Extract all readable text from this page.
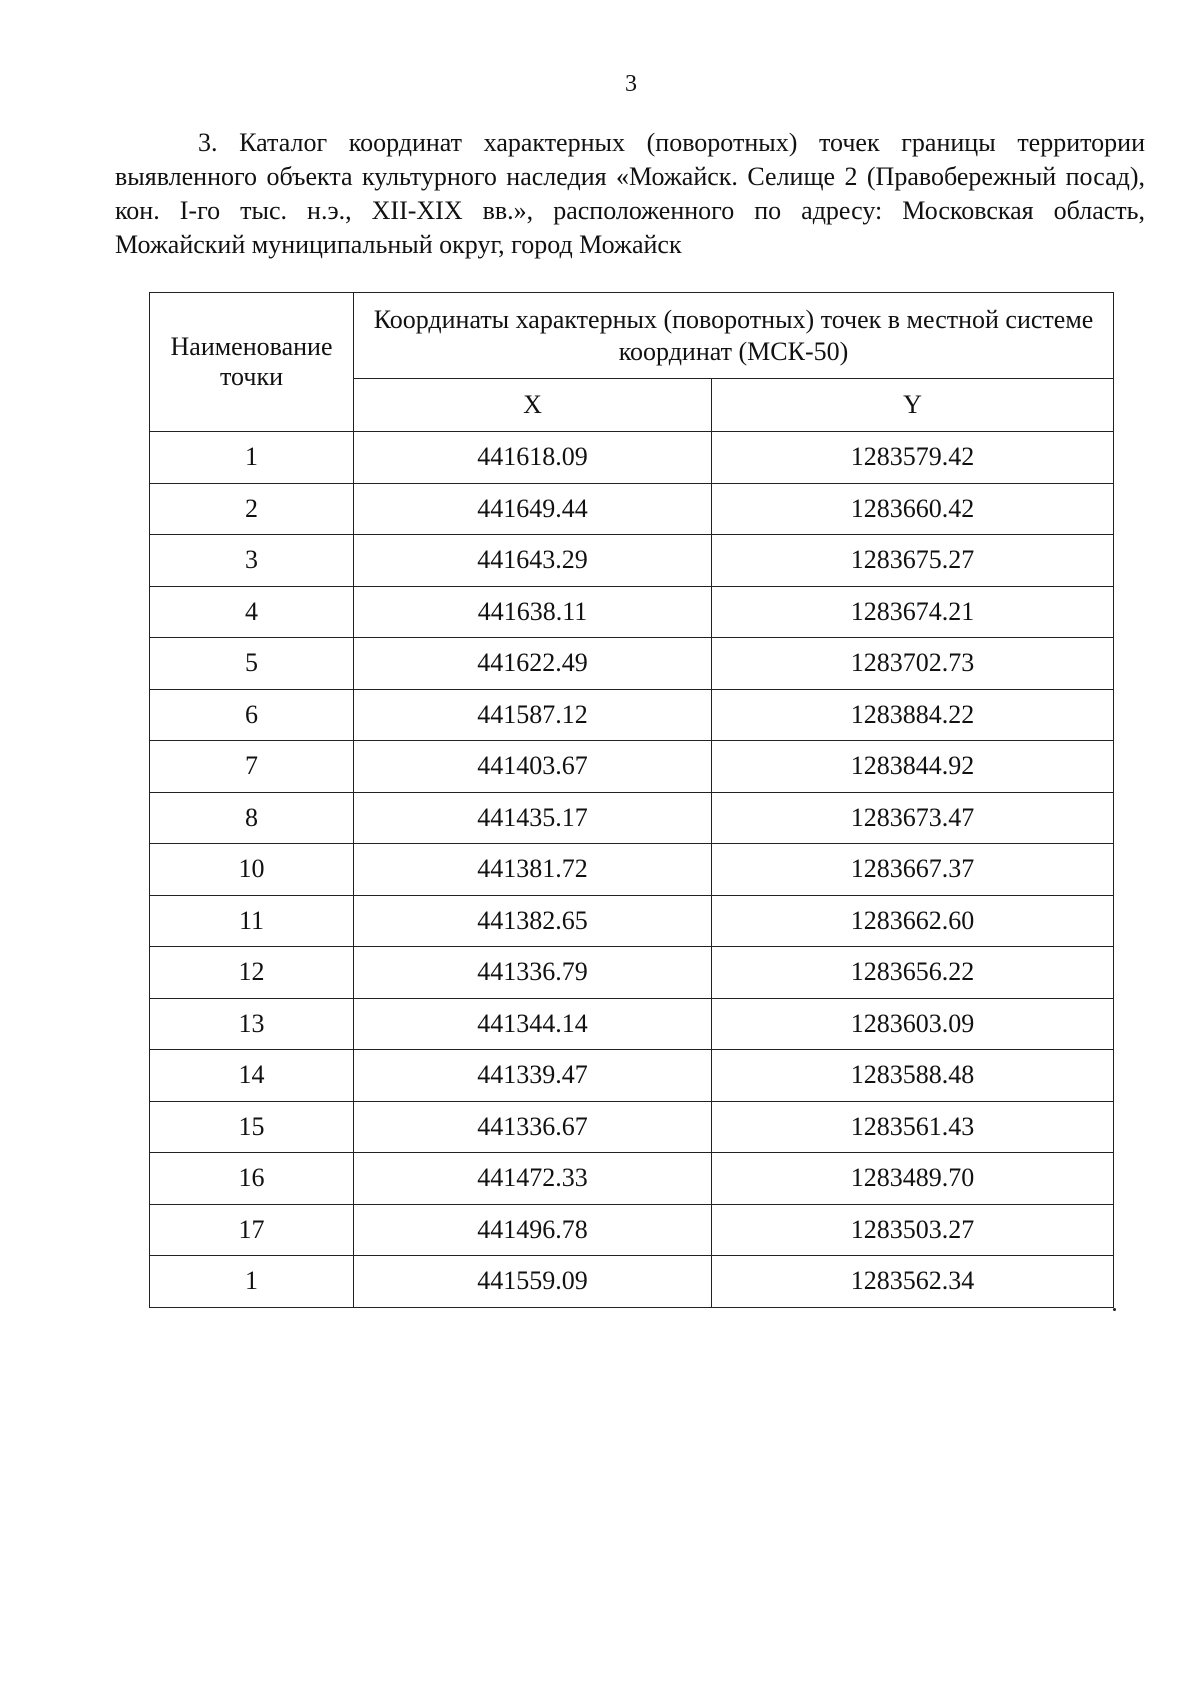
3

3. Каталог координат характерных (поворотных) точек границы территории выявленного объекта культурного наследия «Можайск. Селище 2 (Правобережный посад), кон. I-го тыс. н.э., XII-XIX вв.», расположенного по адресу: Московская область, Можайский муниципальный округ, город Можайск

Наименование точки	Координаты характерных (поворотных) точек в местной системе координат (МСК-50)	
	X	Y
1	441618.09	1283579.42
2	441649.44	1283660.42
3	441643.29	1283675.27
4	441638.11	1283674.21
5	441622.49	1283702.73
6	441587.12	1283884.22
7	441403.67	1283844.92
8	441435.17	1283673.47
10	441381.72	1283667.37
11	441382.65	1283662.60
12	441336.79	1283656.22
13	441344.14	1283603.09
14	441339.47	1283588.48
15	441336.67	1283561.43
16	441472.33	1283489.70
17	441496.78	1283503.27
1	441559.09	1283562.34
